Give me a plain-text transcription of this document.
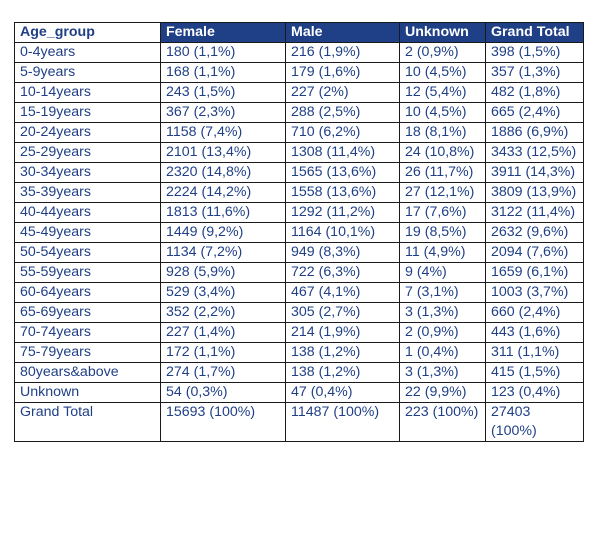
Age_group	Female	Male	Unknown	Grand Total
0-4years	180 (1,1%)	216 (1,9%)	2 (0,9%)	398 (1,5%)
5-9years	168 (1,1%)	179 (1,6%)	10 (4,5%)	357 (1,3%)
10-14years	243 (1,5%)	227 (2%)	12 (5,4%)	482 (1,8%)
15-19years	367 (2,3%)	288 (2,5%)	10 (4,5%)	665 (2,4%)
20-24years	1158 (7,4%)	710 (6,2%)	18 (8,1%)	1886 (6,9%)
25-29years	2101 (13,4%)	1308 (11,4%)	24 (10,8%)	3433 (12,5%)
30-34years	2320 (14,8%)	1565 (13,6%)	26 (11,7%)	3911 (14,3%)
35-39years	2224 (14,2%)	1558 (13,6%)	27 (12,1%)	3809 (13,9%)
40-44years	1813 (11,6%)	1292 (11,2%)	17 (7,6%)	3122 (11,4%)
45-49years	1449 (9,2%)	1164 (10,1%)	19 (8,5%)	2632 (9,6%)
50-54years	1134 (7,2%)	949 (8,3%)	11 (4,9%)	2094 (7,6%)
55-59years	928 (5,9%)	722 (6,3%)	9 (4%)	1659 (6,1%)
60-64years	529 (3,4%)	467 (4,1%)	7 (3,1%)	1003 (3,7%)
65-69years	352 (2,2%)	305 (2,7%)	3 (1,3%)	660 (2,4%)
70-74years	227 (1,4%)	214 (1,9%)	2 (0,9%)	443 (1,6%)
75-79years	172 (1,1%)	138 (1,2%)	1 (0,4%)	311 (1,1%)
80years&above	274 (1,7%)	138 (1,2%)	3 (1,3%)	415 (1,5%)
Unknown	54 (0,3%)	47 (0,4%)	22 (9,9%)	123 (0,4%)
Grand Total	15693 (100%)	11487 (100%)	223 (100%)	27403 (100%)
